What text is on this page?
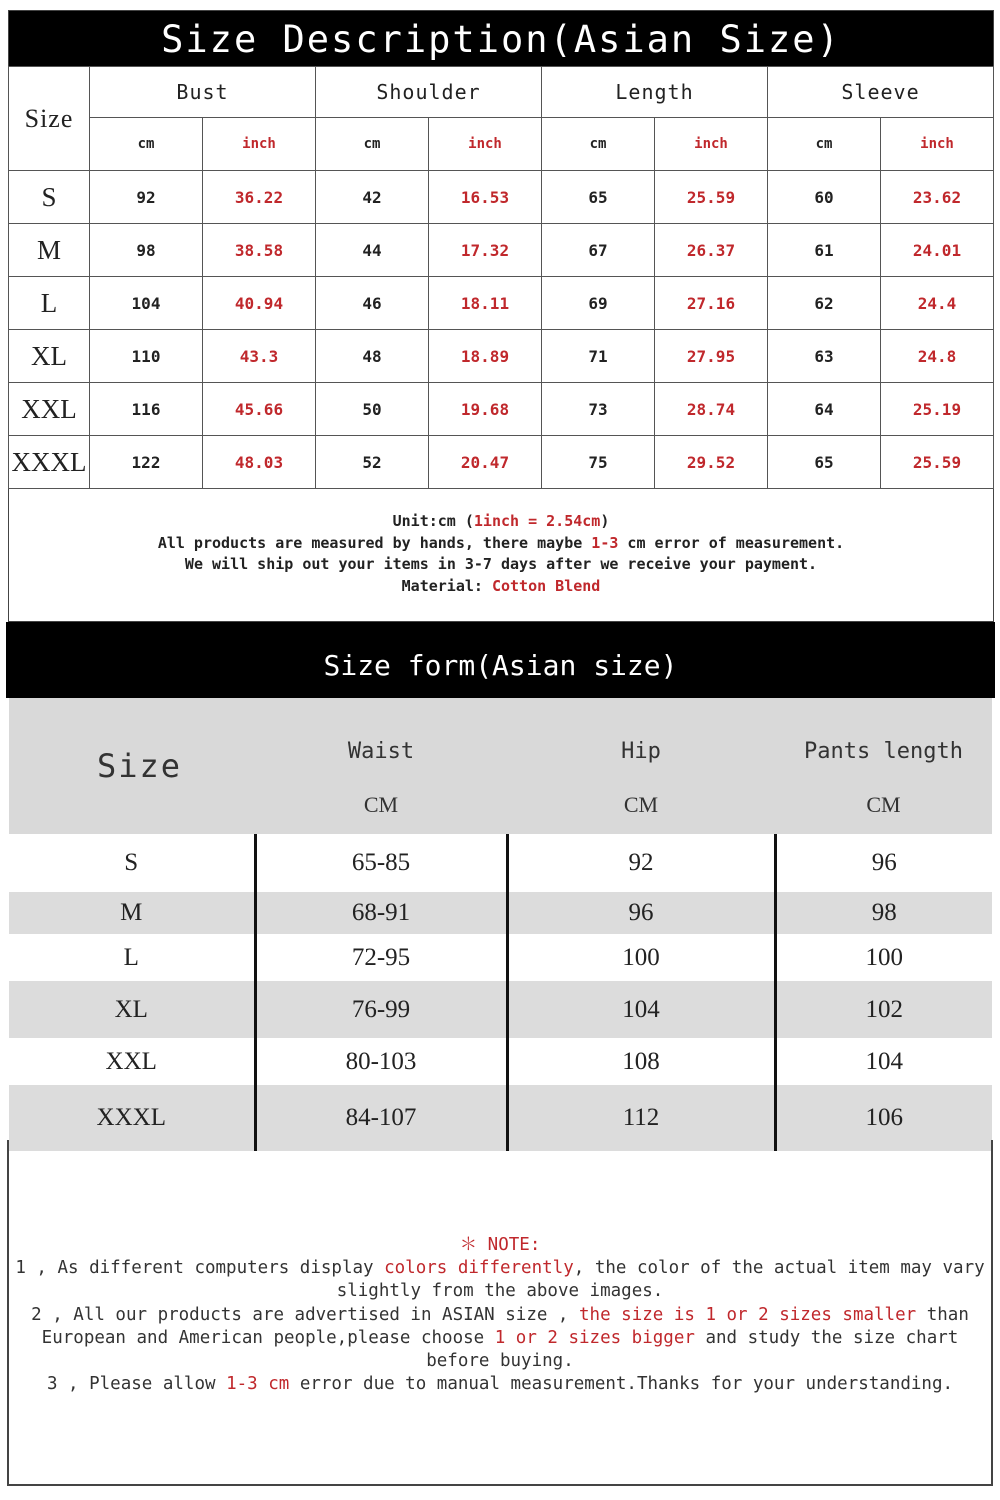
Size Description(Asian Size)
Size	Bust		Shoulder		Length		Sleeve	
	cm	inch	cm	inch	cm	inch	cm	inch
S	92	36.22	42	16.53	65	25.59	60	23.62
M	98	38.58	44	17.32	67	26.37	61	24.01
L	104	40.94	46	18.11	69	27.16	62	24.4
XL	110	43.3	48	18.89	71	27.95	63	24.8
XXL	116	45.66	50	19.68	73	28.74	64	25.19
XXXL	122	48.03	52	20.47	75	29.52	65	25.59
Unit:cm (1inch = 2.54cm)
All products are measured by hands, there maybe 1-3 cm error of measurement.
We will ship out your items in 3-7 days after we receive your payment.
Material: Cotton Blend
Size form(Asian size)
Size	Waist	Hip	Pants length
	CM	CM	CM
S	65-85	92	96
M	68-91	96	98
L	72-95	100	100
XL	76-99	104	102
XXL	80-103	108	104
XXXL	84-107	112	106
＊ NOTE:
1 , As different computers display colors differently, the color of the actual item may vary slightly from the above images.
2 , All our products are advertised in ASIAN size , the size is 1 or 2 sizes smaller than European and American people,please choose 1 or 2 sizes bigger and study the size chart before buying.
3 , Please allow 1-3 cm error due to manual measurement.Thanks for your understanding.
